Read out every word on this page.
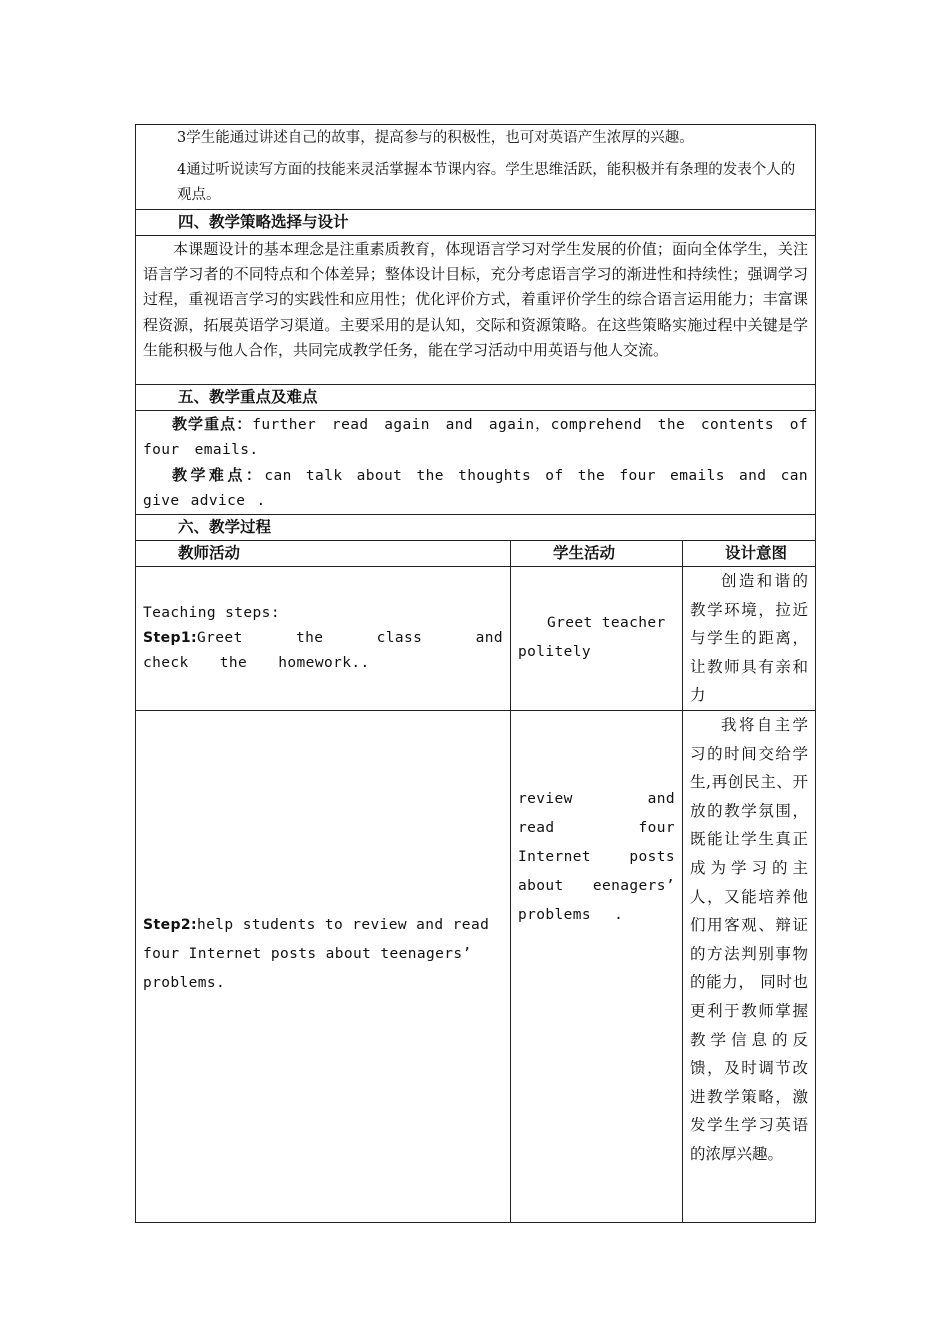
3学生能通过讲述自己的故事，提高参与的积极性，也可对英语产生浓厚的兴趣。

4通过听说读写方面的技能来灵活掌握本节课内容。学生思维活跃，能积极并有条理的发表个人的观点。		

四、教学策略选择与设计		

本课题设计的基本理念是注重素质教育，体现语言学习对学生发展的价值；面向全体学生，关注语言学习者的不同特点和个体差异；整体设计目标，充分考虑语言学习的渐进性和持续性；强调学习过程，重视语言学习的实践性和应用性；优化评价方式，着重评价学生的综合语言运用能力；丰富课程资源，拓展英语学习渠道。主要采用的是认知，交际和资源策略。在这些策略实施过程中关键是学生能积极与他人合作，共同完成教学任务，能在学习活动中用英语与他人交流。		

五、教学重点及难点		

教学重点：further read again and again，comprehend the contents of four emails.

教学难点：can talk about the thoughts of the four emails and can give advice .		

六、教学过程		
教师活动	学生活动	设计意图

Teaching steps:

Step1:Greet the class and check the homework..	Greet teacher politely	创造和谐的教学环境，拉近与学生的距离，让教师具有亲和力

Step2:help students to review and read four Internet posts about teenagers’ problems.	review and read four Internet posts about eenagers’ problems .	我将自主学习的时间交给学生,再创民主、开放的教学氛围，既能让学生真正成为学习的主人，又能培养他们用客观、辩证的方法判别事物的能力， 同时也更利于教师掌握教学信息的反馈，及时调节改进教学策略，激发学生学习英语的浓厚兴趣。
